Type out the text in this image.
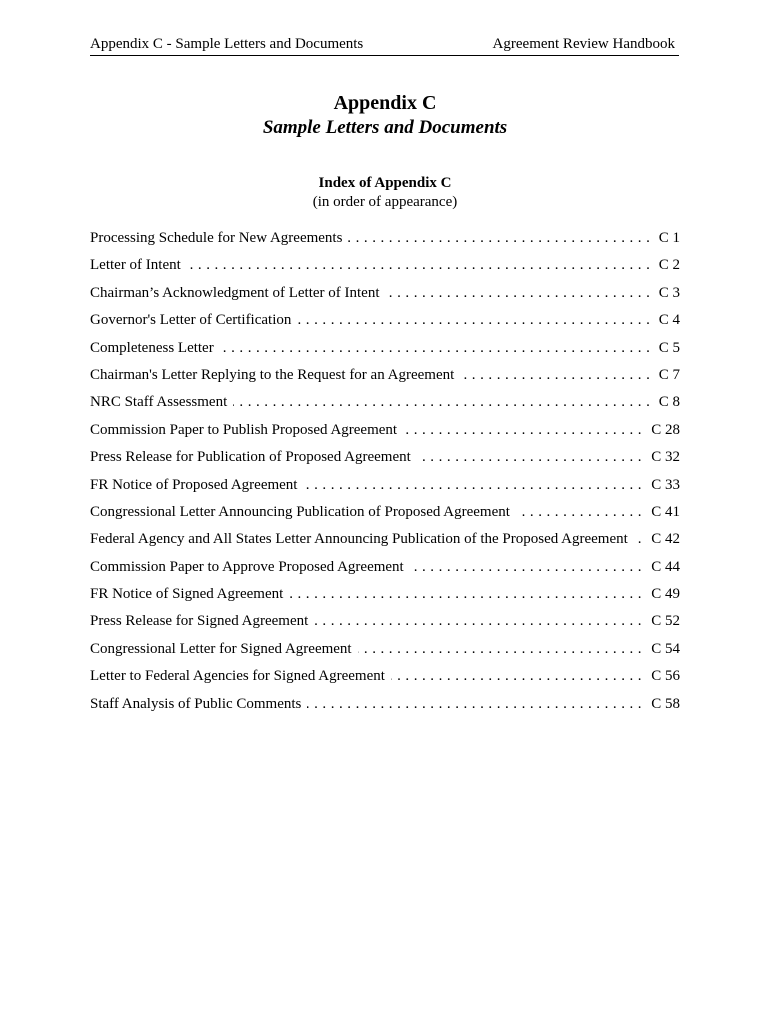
Appendix C - Sample Letters and Documents	Agreement Review Handbook
Appendix C
Sample Letters and Documents
Index of Appendix C
(in order of appearance)
. . . Processing Schedule for New Agreements	C 1
. . . Letter of Intent	C 2
. . . Chairman’s Acknowledgment of Letter of Intent	C 3
. . . Governor's Letter of Certification	C 4
. . . Completeness Letter	C 5
. . . Chairman's Letter Replying to the Request for an Agreement	C 7
. . . NRC Staff Assessment	C 8
. . . Commission Paper to Publish Proposed Agreement	C 28
. . . Press Release for Publication of Proposed Agreement	C 32
. . . FR Notice of Proposed Agreement	C 33
. . . Congressional Letter Announcing Publication of Proposed Agreement	C 41
. . . Federal Agency and All States Letter Announcing Publication of the Proposed Agreement C 42
. . . Commission Paper to Approve Proposed Agreement	C 44
. . . FR Notice of Signed Agreement	C 49
. . . Press Release for Signed Agreement	C 52
. . . Congressional Letter for Signed Agreement	C 54
. . . Letter to Federal Agencies for Signed Agreement	C 56
. . . Staff Analysis of Public Comments	C 58
